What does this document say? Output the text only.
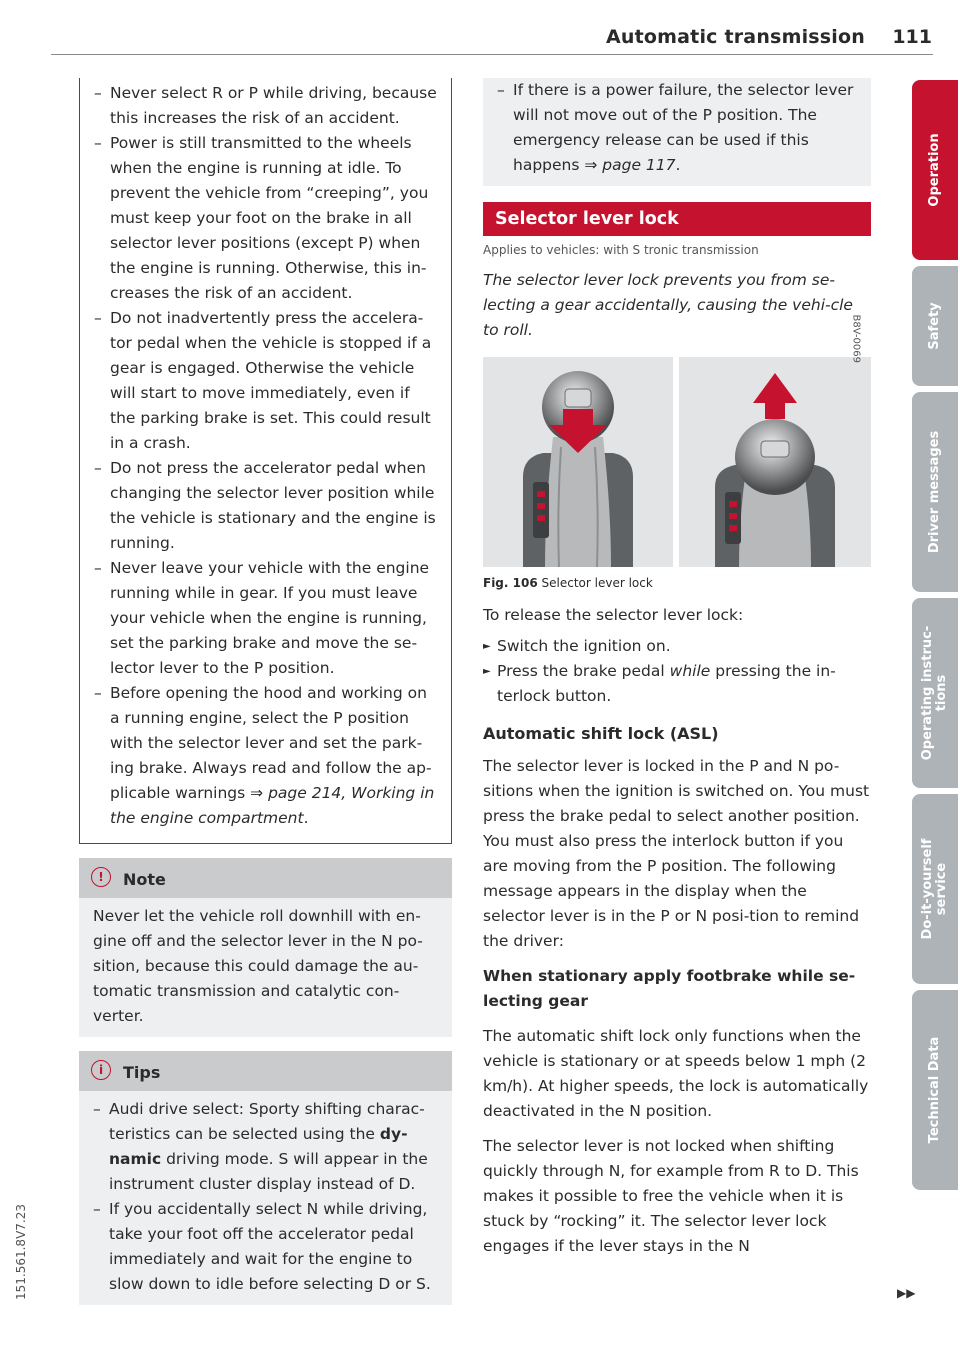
Automatic transmission 111
151.561.8V7.23
Operation
Safety
Driver messages
Operating instruc-
tions
Do-it-yourself
service
Technical Data
– Never select R or P while driving, because this increases the risk of an accident.
– Power is still transmitted to the wheels when the engine is running at idle. To prevent the vehicle from “creeping”, you must keep your foot on the brake in all selector lever positions (except P) when the engine is running. Otherwise, this in-creases the risk of an accident.
– Do not inadvertently press the accelera-tor pedal when the vehicle is stopped if a gear is engaged. Otherwise the vehicle will start to move immediately, even if the parking brake is set. This could result in a crash.
– Do not press the accelerator pedal when changing the selector lever position while the vehicle is stationary and the engine is running.
– Never leave your vehicle with the engine running while in gear. If you must leave your vehicle when the engine is running, set the parking brake and move the se-lector lever to the P position.
– Before opening the hood and working on a running engine, select the P position with the selector lever and set the park-ing brake. Always read and follow the ap-plicable warnings ⇒ page 214, Working in the engine compartment.
!	Note
Never let the vehicle roll downhill with en-gine off and the selector lever in the N po-sition, because this could damage the au-tomatic transmission and catalytic con-verter.
i	Tips
– Audi drive select: Sporty shifting charac-teristics can be selected using the dy-namic driving mode. S will appear in the instrument cluster display instead of D.
– If you accidentally select N while driving, take your foot off the accelerator pedal immediately and wait for the engine to slow down to idle before selecting D or S.
– If there is a power failure, the selector lever will not move out of the P position. The emergency release can be used if this happens ⇒ page 117.
Selector lever lock
Applies to vehicles: with S tronic transmission
The selector lever lock prevents you from se-lecting a gear accidentally, causing the vehi-cle to roll.	B8V-0069
Fig. 106 Selector lever lock
To release the selector lever lock:
► Switch the ignition on.
► Press the brake pedal while pressing the in-terlock button.
Automatic shift lock (ASL)
The selector lever is locked in the P and N po-sitions when the ignition is switched on. You must press the brake pedal to select another position. You must also press the interlock button if you are moving from the P position. The following message appears in the display when the selector lever is in the P or N posi-tion to remind the driver:
When stationary apply footbrake while se-lecting gear
The automatic shift lock only functions when the vehicle is stationary or at speeds below 1 mph (2 km/h). At higher speeds, the lock is automatically deactivated in the N position.
The selector lever is not locked when shifting quickly through N, for example from R to D. This makes it possible to free the vehicle when it is stuck by “rocking” it. The selector lever lock engages if the lever stays in the N
▶▶
